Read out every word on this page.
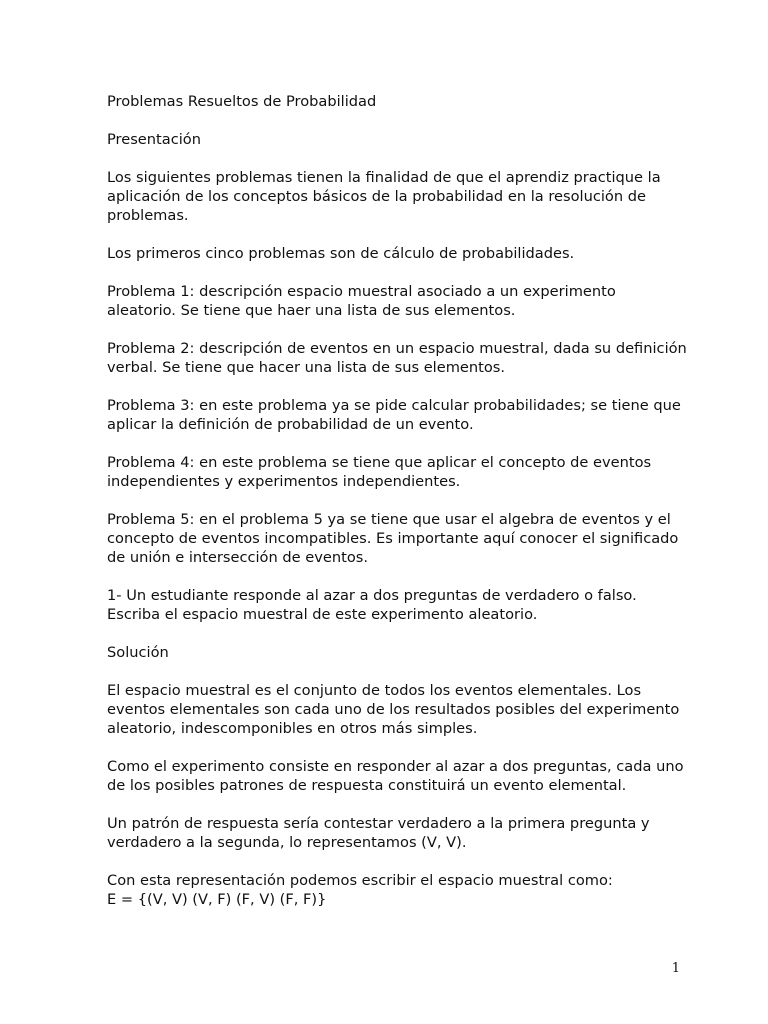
Problemas Resueltos de Probabilidad

Presentación

Los siguientes problemas tienen la finalidad de que el aprendiz practique la aplicación de los conceptos básicos de la probabilidad en la resolución de problemas.

Los primeros cinco problemas son de cálculo de probabilidades.

Problema 1: descripción espacio muestral asociado a un experimento aleatorio. Se tiene que haer una lista de sus elementos.

Problema 2: descripción de eventos en un espacio muestral, dada su definición verbal. Se tiene que hacer una lista de sus elementos.

Problema 3: en este problema ya se pide calcular probabilidades; se tiene que aplicar la definición de probabilidad de un evento.

Problema 4: en este problema se tiene que aplicar el concepto de eventos independientes y experimentos independientes.

Problema 5: en el problema 5 ya se tiene que usar el algebra de eventos y el concepto de eventos incompatibles. Es importante aquí conocer el significado de unión e intersección de eventos.

1- Un estudiante responde al azar a dos preguntas de verdadero o falso. Escriba el espacio muestral de este experimento aleatorio.

Solución

El espacio muestral es el conjunto de todos los eventos elementales. Los eventos elementales son cada uno de los resultados posibles del experimento aleatorio, indescomponibles en otros más simples.

Como el experimento consiste en responder al azar a dos preguntas, cada uno de los posibles patrones de respuesta constituirá un evento elemental.

Un patrón de respuesta sería contestar verdadero a la primera pregunta y verdadero a la segunda, lo representamos (V, V).

Con esta representación podemos escribir el espacio muestral como:

E = {(V, V) (V, F) (F, V) (F, F)}

1
